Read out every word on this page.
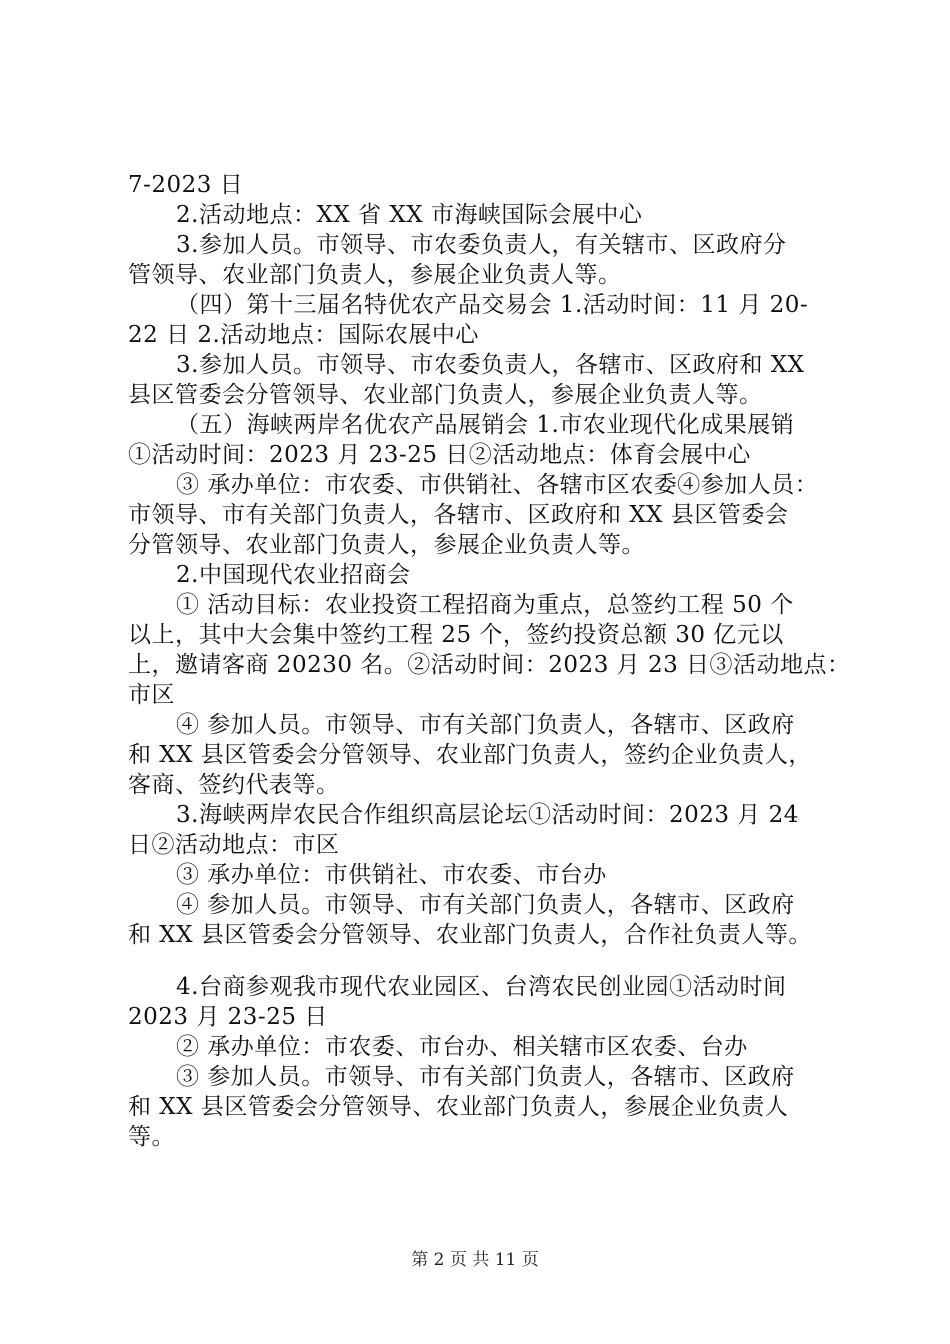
7-2023 日
2.活动地点：XX 省 XX 市海峡国际会展中心
3.参加人员。市领导、市农委负责人，有关辖市、区政府分
管领导、农业部门负责人，参展企业负责人等。
（四）第十三届名特优农产品交易会 1.活动时间：11 月 20-
22 日 2.活动地点：国际农展中心
3.参加人员。市领导、市农委负责人，各辖市、区政府和 XX
县区管委会分管领导、农业部门负责人，参展企业负责人等。
（五）海峡两岸名优农产品展销会 1.市农业现代化成果展销
①活动时间：2023 月 23-25 日②活动地点：体育会展中心
③ 承办单位：市农委、市供销社、各辖市区农委④参加人员：
市领导、市有关部门负责人，各辖市、区政府和 XX 县区管委会
分管领导、农业部门负责人，参展企业负责人等。
2.中国现代农业招商会
① 活动目标：农业投资工程招商为重点，总签约工程 50 个
以上，其中大会集中签约工程 25 个，签约投资总额 30 亿元以
上，邀请客商 20230 名。②活动时间：2023 月 23 日③活动地点：
市区
④ 参加人员。市领导、市有关部门负责人，各辖市、区政府
和 XX 县区管委会分管领导、农业部门负责人，签约企业负责人，
客商、签约代表等。
3.海峡两岸农民合作组织高层论坛①活动时间：2023 月 24
日②活动地点：市区
③ 承办单位：市供销社、市农委、市台办
④ 参加人员。市领导、市有关部门负责人，各辖市、区政府
和 XX 县区管委会分管领导、农业部门负责人，合作社负责人等。
4.台商参观我市现代农业园区、台湾农民创业园①活动时间
2023 月 23-25 日
② 承办单位：市农委、市台办、相关辖市区农委、台办
③ 参加人员。市领导、市有关部门负责人，各辖市、区政府
和 XX 县区管委会分管领导、农业部门负责人，参展企业负责人
等。
第 2 页 共 11 页
